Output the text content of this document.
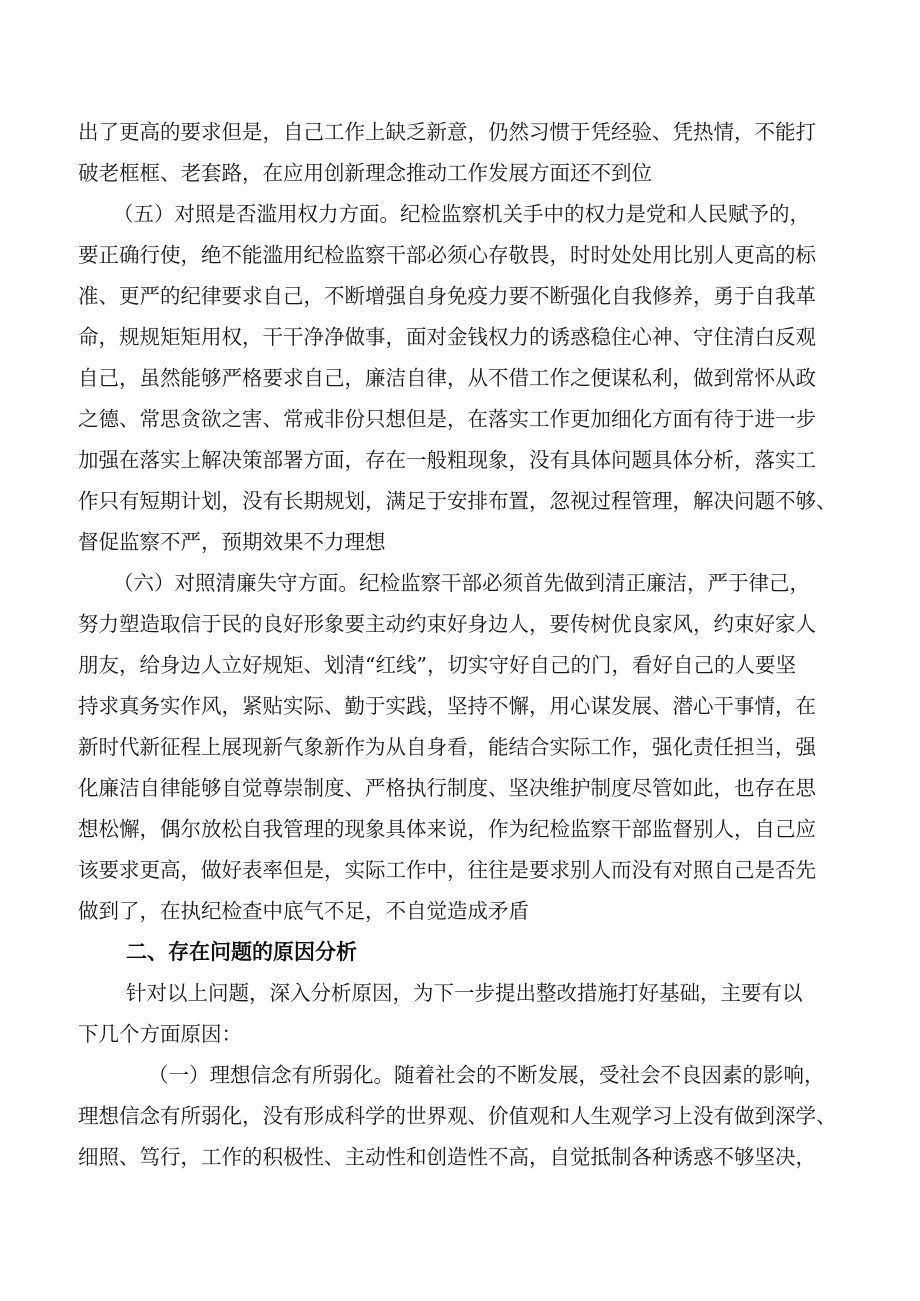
出了更高的要求但是，自己工作上缺乏新意，仍然习惯于凭经验、凭热情，不能打
破老框框、老套路，在应用创新理念推动工作发展方面还不到位
（五）对照是否滥用权力方面。纪检监察机关手中的权力是党和人民赋予的，
要正确行使，绝不能滥用纪检监察干部必须心存敬畏，时时处处用比别人更高的标
准、更严的纪律要求自己，不断增强自身免疫力要不断强化自我修养，勇于自我革
命，规规矩矩用权，干干净净做事，面对金钱权力的诱惑稳住心神、守住清白反观
自己，虽然能够严格要求自己，廉洁自律，从不借工作之便谋私利，做到常怀从政
之德、常思贪欲之害、常戒非份只想但是，在落实工作更加细化方面有待于进一步
加强在落实上解决策部署方面，存在一般粗现象，没有具体问题具体分析，落实工
作只有短期计划，没有长期规划，满足于安排布置，忽视过程管理，解决问题不够、
督促监察不严，预期效果不力理想
（六）对照清廉失守方面。纪检监察干部必须首先做到清正廉洁，严于律己，
努力塑造取信于民的良好形象要主动约束好身边人，要传树优良家风，约束好家人
朋友，给身边人立好规矩、划清“红线”，切实守好自己的门，看好自己的人要坚
持求真务实作风，紧贴实际、勤于实践，坚持不懈，用心谋发展、潜心干事情，在
新时代新征程上展现新气象新作为从自身看，能结合实际工作，强化责任担当，强
化廉洁自律能够自觉尊崇制度、严格执行制度、坚决维护制度尽管如此，也存在思
想松懈，偶尔放松自我管理的现象具体来说，作为纪检监察干部监督别人，自己应
该要求更高，做好表率但是，实际工作中，往往是要求别人而没有对照自己是否先
做到了，在执纪检查中底气不足，不自觉造成矛盾
二、存在问题的原因分析
针对以上问题，深入分析原因，为下一步提出整改措施打好基础，主要有以
下几个方面原因：
（一）理想信念有所弱化。随着社会的不断发展，受社会不良因素的影响，
理想信念有所弱化，没有形成科学的世界观、价值观和人生观学习上没有做到深学、
细照、笃行，工作的积极性、主动性和创造性不高，自觉抵制各种诱惑不够坚决，
